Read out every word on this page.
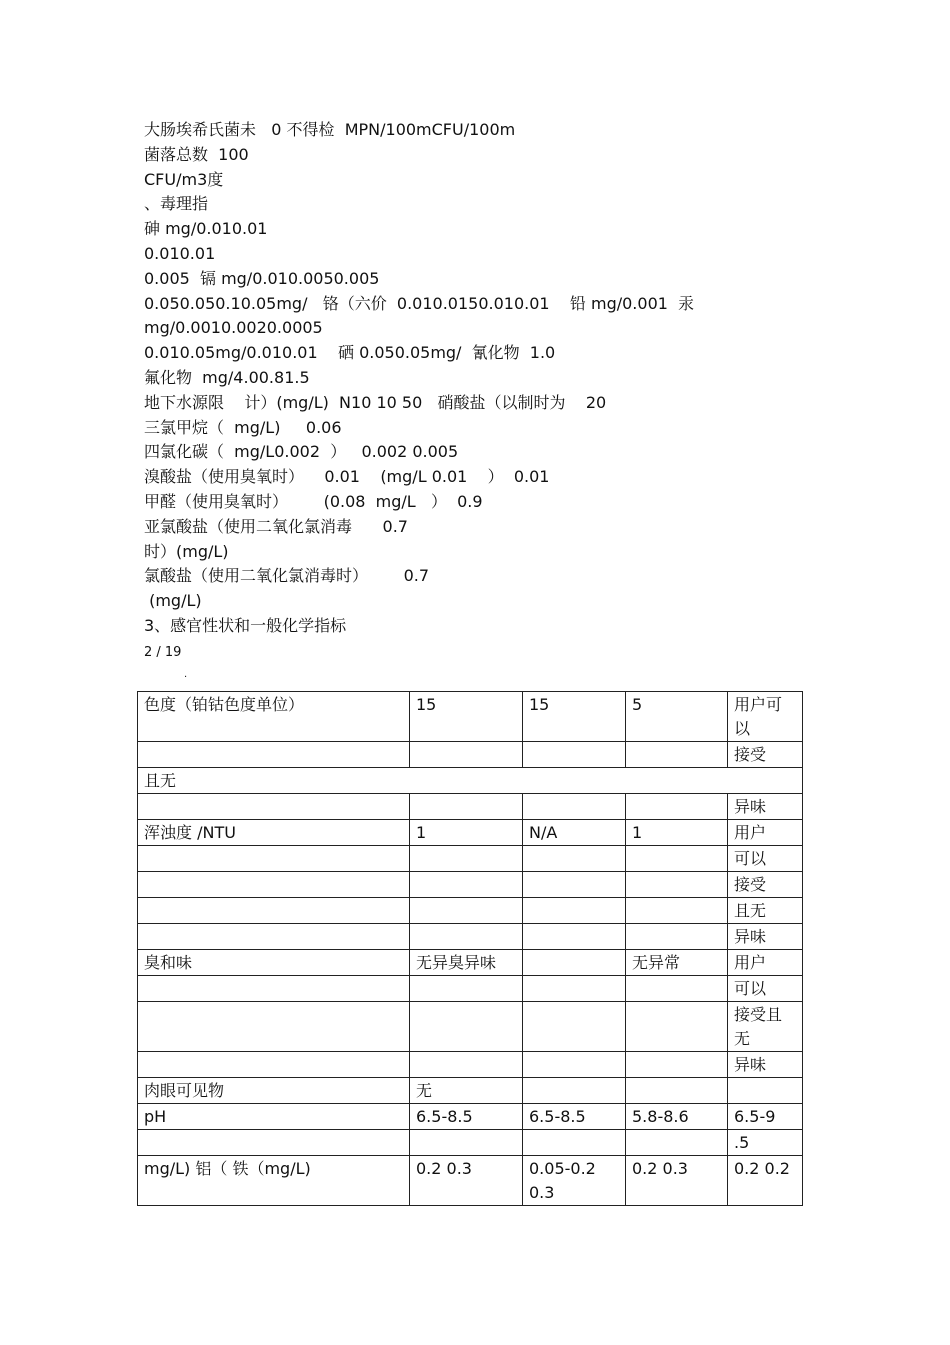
大肠埃希氏菌未   0 不得检  MPN/100mCFU/100m
菌落总数  100
CFU/m3度
、毒理指
砷 mg/0.010.01
0.010.01
0.005  镉 mg/0.010.0050.005
0.050.050.10.05mg/   铬（六价  0.010.0150.010.01    铅 mg/0.001  汞
mg/0.0010.0020.0005
0.010.05mg/0.010.01    硒 0.050.05mg/  氰化物  1.0
氟化物  mg/4.00.81.5
地下水源限    计）(mg/L)  N10 10 50   硝酸盐（以制时为    20
三氯甲烷（  mg/L)     0.06
四氯化碳（  mg/L0.002  ）   0.002 0.005
溴酸盐（使用臭氧时）    0.01    (mg/L 0.01    ）  0.01
甲醛（使用臭氧时）       (0.08  mg/L   ）  0.9
亚氯酸盐（使用二氧化氯消毒      0.7
时）(mg/L)
氯酸盐（使用二氧化氯消毒时）       0.7
(mg/L)
3、感官性状和一般化学指标
2 / 19
.
色度（铂钴色度单位）	15	15	5	用户可以
				接受
且无				
				异味
浑浊度 /NTU	1	N/A	1	用户
				可以
				接受
				且无
				异味
臭和味	无异臭异味		无异常	用户
				可以
				接受且无
				异味
肉眼可见物	无			
pH	6.5-8.5	6.5-8.5	5.8-8.6	6.5-9
				.5
mg/L) 铝（ 铁（mg/L)	0.2 0.3	0.05-0.2 0.3	0.2 0.3	0.2 0.2
